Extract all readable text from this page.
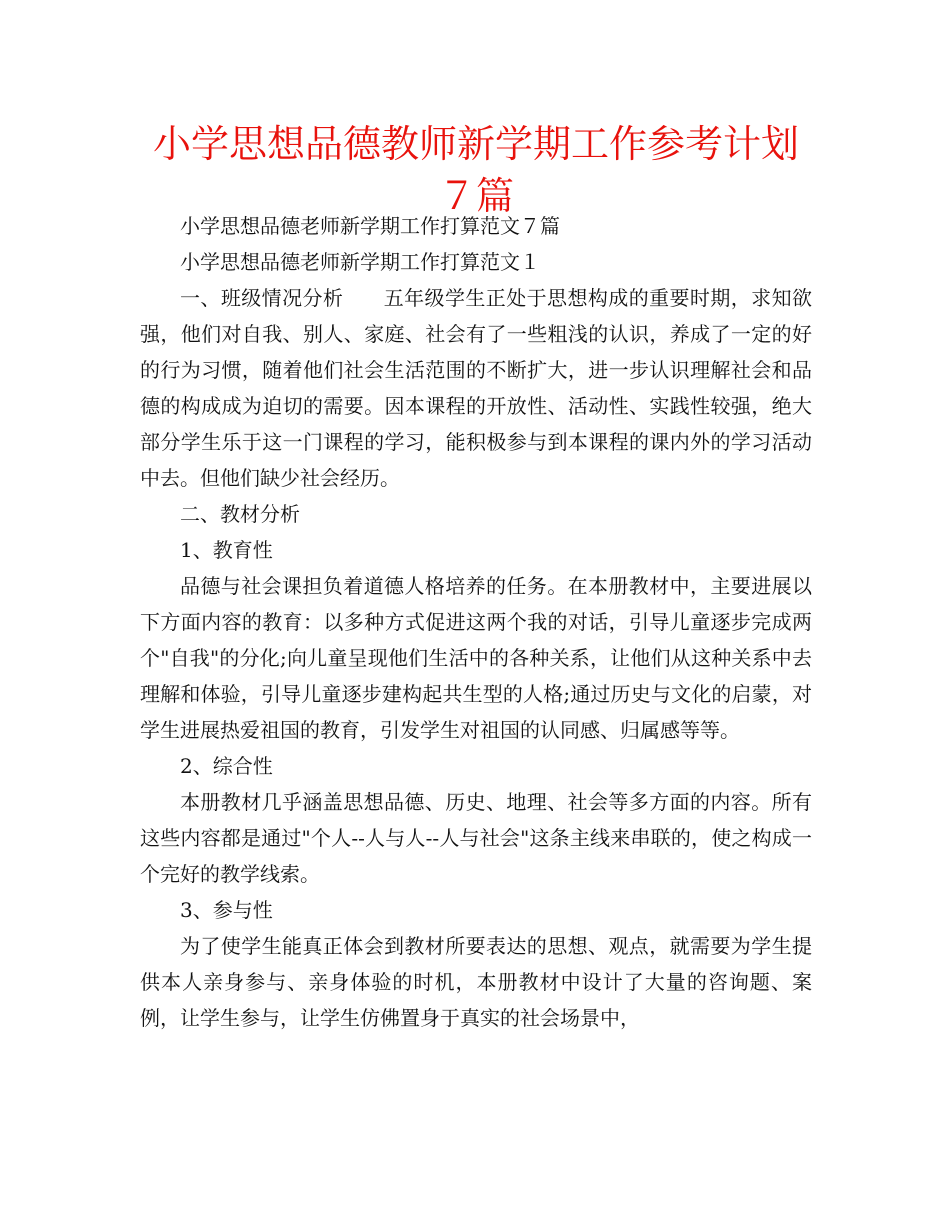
小学思想品德教师新学期工作参考计划７篇

小学思想品德老师新学期工作打算范文７篇

小学思想品德老师新学期工作打算范文１

一、班级情况分析 五年级学生正处于思想构成的重要时期，求知欲强，他们对自我、别人、家庭、社会有了一些粗浅的认识，养成了一定的好的行为习惯，随着他们社会生活范围的不断扩大，进一步认识理解社会和品德的构成成为迫切的需要。因本课程的开放性、活动性、实践性较强，绝大部分学生乐于这一门课程的学习，能积极参与到本课程的课内外的学习活动中去。但他们缺少社会经历。

二、教材分析

1、教育性

品德与社会课担负着道德人格培养的任务。在本册教材中，主要进展以下方面内容的教育：以多种方式促进这两个我的对话，引导儿童逐步完成两个"自我"的分化;向儿童呈现他们生活中的各种关系，让他们从这种关系中去理解和体验，引导儿童逐步建构起共生型的人格;通过历史与文化的启蒙，对学生进展热爱祖国的教育，引发学生对祖国的认同感、归属感等等。

2、综合性

本册教材几乎涵盖思想品德、历史、地理、社会等多方面的内容。所有这些内容都是通过"个人--人与人--人与社会"这条主线来串联的，使之构成一个完好的教学线索。

3、参与性

为了使学生能真正体会到教材所要表达的思想、观点，就需要为学生提供本人亲身参与、亲身体验的时机，本册教材中设计了大量的咨询题、案例，让学生参与，让学生仿佛置身于真实的社会场景中，
